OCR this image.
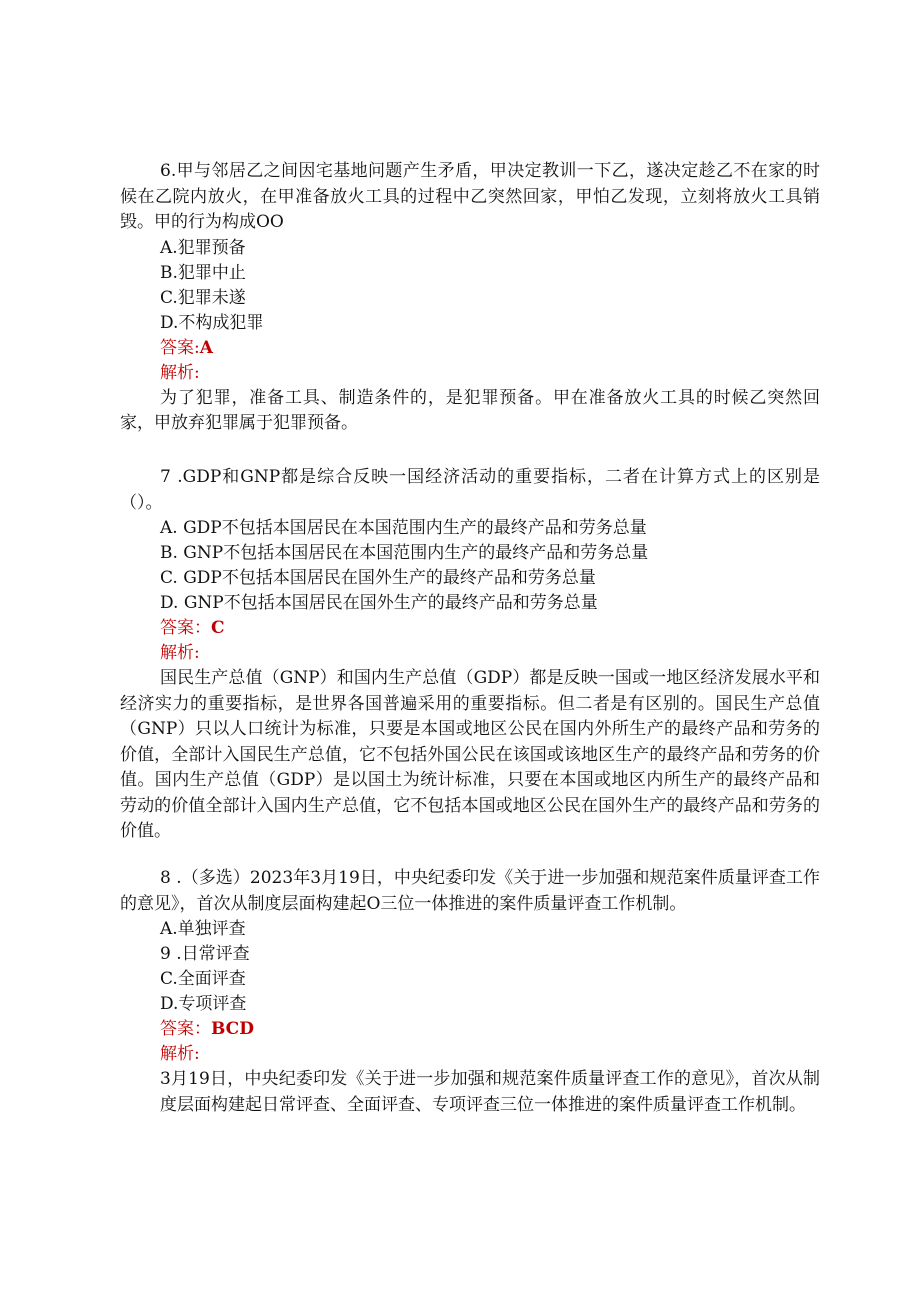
6.甲与邻居乙之间因宅基地问题产生矛盾，甲决定教训一下乙，遂决定趁乙不在家的时候在乙院内放火，在甲准备放火工具的过程中乙突然回家，甲怕乙发现，立刻将放火工具销毁。甲的行为构成OO

A.犯罪预备
B.犯罪中止
C.犯罪未遂
D.不构成犯罪
答案:A
解析:

为了犯罪，准备工具、制造条件的，是犯罪预备。甲在准备放火工具的时候乙突然回家，甲放弃犯罪属于犯罪预备。

7 .GDP和GNP都是综合反映一国经济活动的重要指标，二者在计算方式上的区别是（）。

A. GDP不包括本国居民在本国范围内生产的最终产品和劳务总量
B. GNP不包括本国居民在本国范围内生产的最终产品和劳务总量
C. GDP不包括本国居民在国外生产的最终产品和劳务总量
D. GNP不包括本国居民在国外生产的最终产品和劳务总量
答案：C
解析:

国民生产总值（GNP）和国内生产总值（GDP）都是反映一国或一地区经济发展水平和经济实力的重要指标，是世界各国普遍采用的重要指标。但二者是有区别的。国民生产总值（GNP）只以人口统计为标准，只要是本国或地区公民在国内外所生产的最终产品和劳务的价值，全部计入国民生产总值，它不包括外国公民在该国或该地区生产的最终产品和劳务的价值。国内生产总值（GDP）是以国土为统计标准，只要在本国或地区内所生产的最终产品和劳动的价值全部计入国内生产总值，它不包括本国或地区公民在国外生产的最终产品和劳务的价值。

8 .（多选）2023年3月19日，中央纪委印发《关于进一步加强和规范案件质量评查工作的意见》，首次从制度层面构建起O三位一体推进的案件质量评查工作机制。

A.单独评查
9 .日常评查
C.全面评查
D.专项评查
答案：BCD
解析:

3月19日，中央纪委印发《关于进一步加强和规范案件质量评查工作的意见》，首次从制度层面构建起日常评查、全面评查、专项评查三位一体推进的案件质量评查工作机制。
